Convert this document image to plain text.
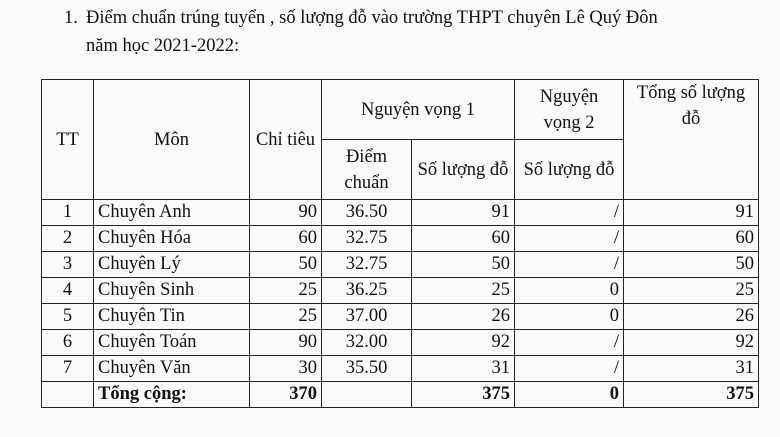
1. Điểm chuẩn trúng tuyển , số lượng đỗ vào trường THPT chuyên Lê Quý Đôn
năm học 2021-2022:
TT	Môn	Chỉ tiêu	Nguyện vọng 1		Nguyện vọng 2	Tổng số lượng đỗ
			Điểm chuẩn	Số lượng đỗ	Số lượng đỗ	
1	Chuyên Anh	90	36.50	91	/	91
2	Chuyên Hóa	60	32.75	60	/	60
3	Chuyên Lý	50	32.75	50	/	50
4	Chuyên Sinh	25	36.25	25	0	25
5	Chuyên Tin	25	37.00	26	0	26
6	Chuyên Toán	90	32.00	92	/	92
7	Chuyên Văn	30	35.50	31	/	31
	Tổng cộng:	370		375	0	375
